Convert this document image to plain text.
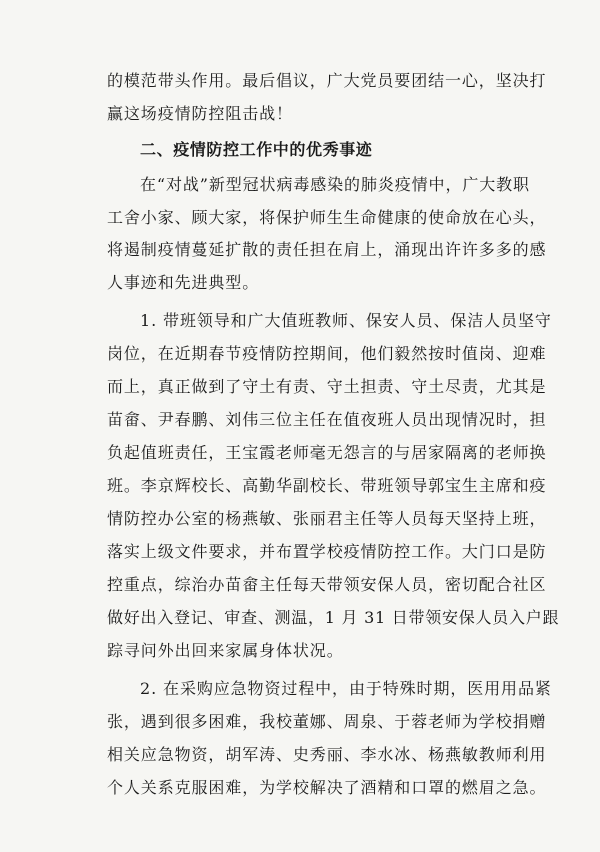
的模范带头作用。最后倡议，广大党员要团结一心，坚决打
赢这场疫情防控阻击战！
二、疫情防控工作中的优秀事迹
在“对战”新型冠状病毒感染的肺炎疫情中，广大教职
工舍小家、顾大家，将保护师生生命健康的使命放在心头，
将遏制疫情蔓延扩散的责任担在肩上，涌现出许许多多的感
人事迹和先进典型。
1. 带班领导和广大值班教师、保安人员、保洁人员坚守
岗位，在近期春节疫情防控期间，他们毅然按时值岗、迎难
而上，真正做到了守土有责、守土担责、守土尽责，尤其是
苗畲、尹春鹏、刘伟三位主任在值夜班人员出现情况时，担
负起值班责任，王宝霞老师毫无怨言的与居家隔离的老师换
班。李京辉校长、高勤华副校长、带班领导郭宝生主席和疫
情防控办公室的杨燕敏、张丽君主任等人员每天坚持上班，
落实上级文件要求，并布置学校疫情防控工作。大门口是防
控重点，综治办苗畲主任每天带领安保人员，密切配合社区
做好出入登记、审查、测温，1 月 31 日带领安保人员入户跟
踪寻问外出回来家属身体状况。
2. 在采购应急物资过程中，由于特殊时期，医用用品紧
张，遇到很多困难，我校董娜、周泉、于蓉老师为学校捐赠
相关应急物资，胡军涛、史秀丽、李水冰、杨燕敏教师利用
个人关系克服困难，为学校解决了酒精和口罩的燃眉之急。
